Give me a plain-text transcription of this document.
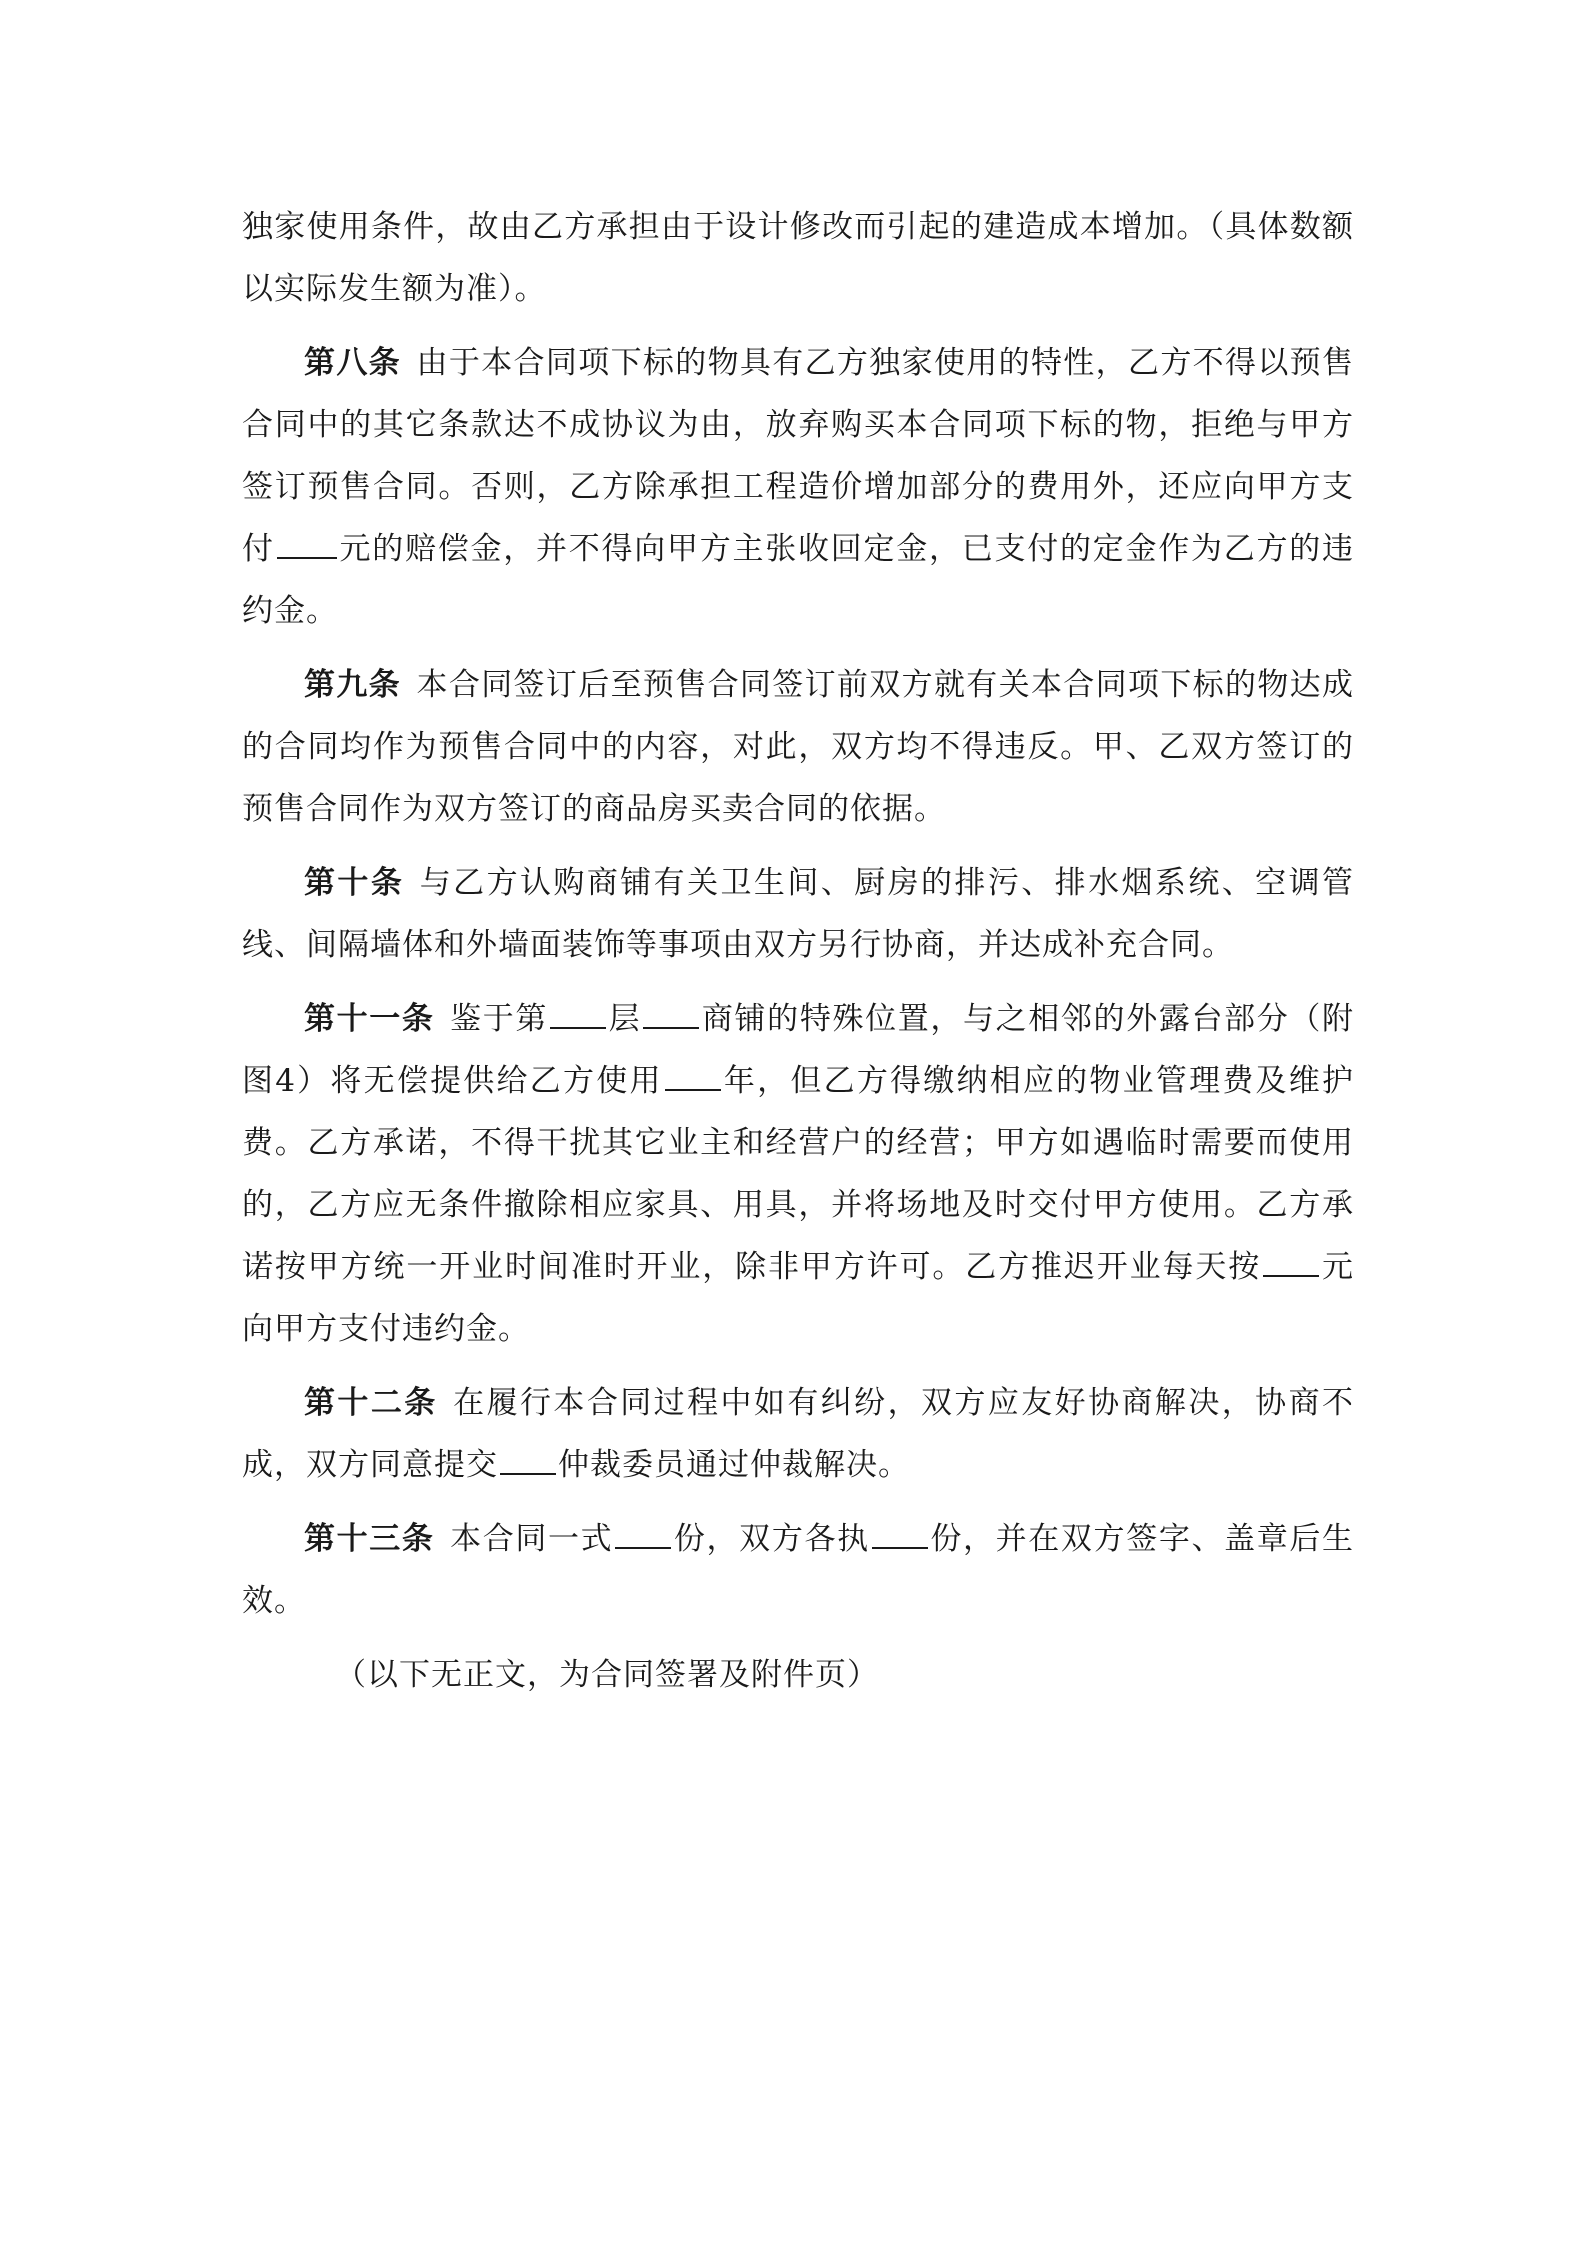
独家使用条件，故由乙方承担由于设计修改而引起的建造成本增加。（具体数额以实际发生额为准）。

第八条 由于本合同项下标的物具有乙方独家使用的特性，乙方不得以预售合同中的其它条款达不成协议为由，放弃购买本合同项下标的物，拒绝与甲方签订预售合同。否则，乙方除承担工程造价增加部分的费用外，还应向甲方支付 元的赔偿金，并不得向甲方主张收回定金，已支付的定金作为乙方的违约金。

第九条 本合同签订后至预售合同签订前双方就有关本合同项下标的物达成的合同均作为预售合同中的内容，对此，双方均不得违反。甲、乙双方签订的预售合同作为双方签订的商品房买卖合同的依据。

第十条 与乙方认购商铺有关卫生间、厨房的排污、排水烟系统、空调管线、间隔墙体和外墙面装饰等事项由双方另行协商，并达成补充合同。

第十一条 鉴于第 层 商铺的特殊位置，与之相邻的外露台部分（附图4）将无偿提供给乙方使用 年，但乙方得缴纳相应的物业管理费及维护费。乙方承诺，不得干扰其它业主和经营户的经营；甲方如遇临时需要而使用的，乙方应无条件撤除相应家具、用具，并将场地及时交付甲方使用。乙方承诺按甲方统一开业时间准时开业，除非甲方许可。乙方推迟开业每天按 元向甲方支付违约金。

第十二条 在履行本合同过程中如有纠纷，双方应友好协商解决，协商不成，双方同意提交 仲裁委员通过仲裁解决。

第十三条 本合同一式 份，双方各执 份，并在双方签字、盖章后生效。

（以下无正文，为合同签署及附件页）
